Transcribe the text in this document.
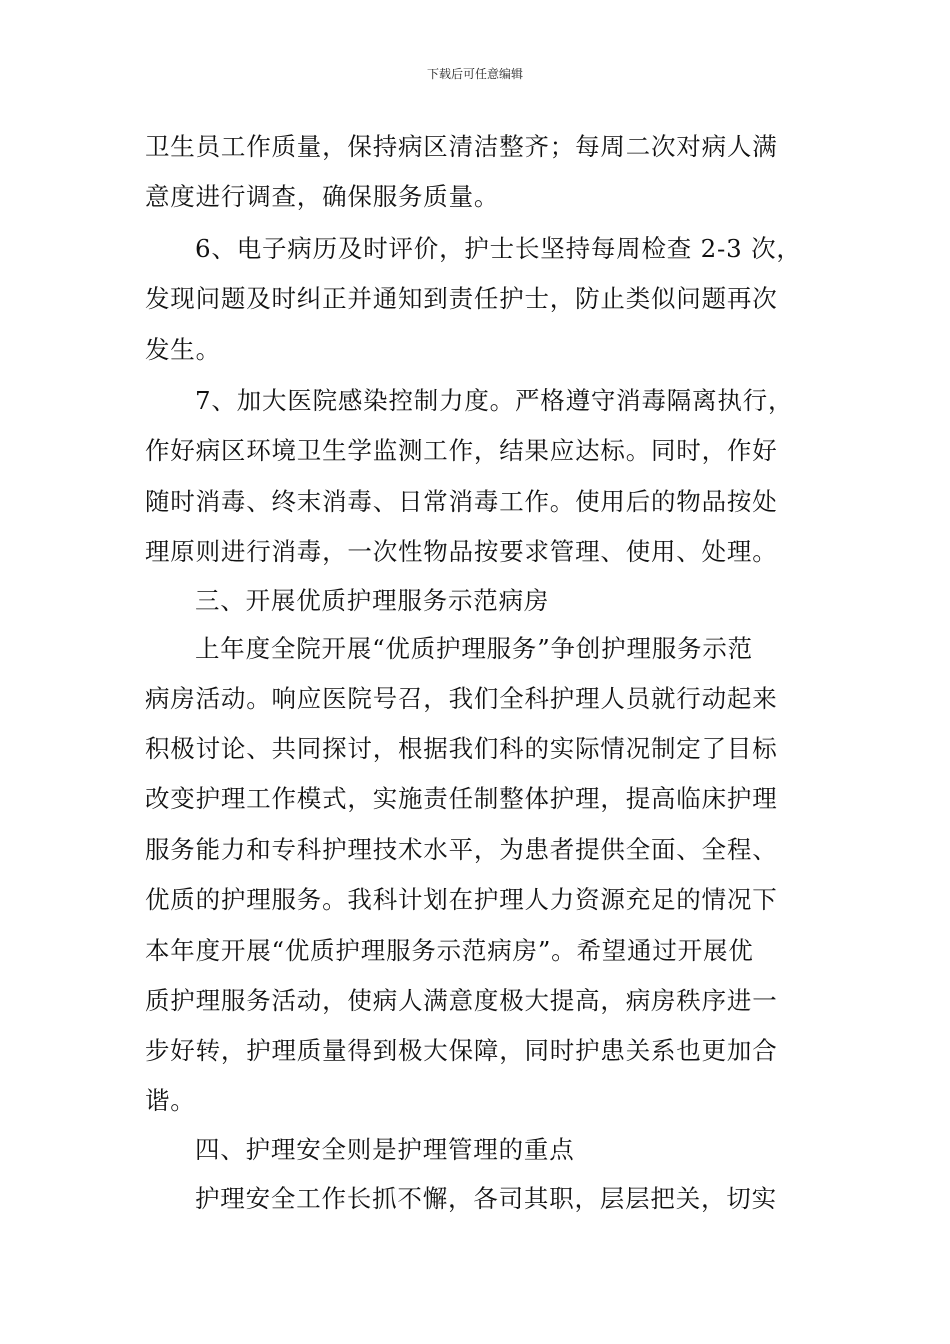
下载后可任意编辑
卫生员工作质量，保持病区清洁整齐；每周二次对病人满
意度进行调查，确保服务质量。
6、电子病历及时评价，护士长坚持每周检查 2-3 次，
发现问题及时纠正并通知到责任护士，防止类似问题再次
发生。
7、加大医院感染控制力度。严格遵守消毒隔离执行，
作好病区环境卫生学监测工作，结果应达标。同时，作好
随时消毒、终末消毒、日常消毒工作。使用后的物品按处
理原则进行消毒，一次性物品按要求管理、使用、处理。
三、开展优质护理服务示范病房
上年度全院开展“优质护理服务”争创护理服务示范
病房活动。响应医院号召，我们全科护理人员就行动起来
积极讨论、共同探讨，根据我们科的实际情况制定了目标
改变护理工作模式，实施责任制整体护理，提高临床护理
服务能力和专科护理技术水平，为患者提供全面、全程、
优质的护理服务。我科计划在护理人力资源充足的情况下
本年度开展“优质护理服务示范病房”。希望通过开展优
质护理服务活动，使病人满意度极大提高，病房秩序进一
步好转，护理质量得到极大保障，同时护患关系也更加合
谐。
四、护理安全则是护理管理的重点
护理安全工作长抓不懈，各司其职，层层把关，切实
